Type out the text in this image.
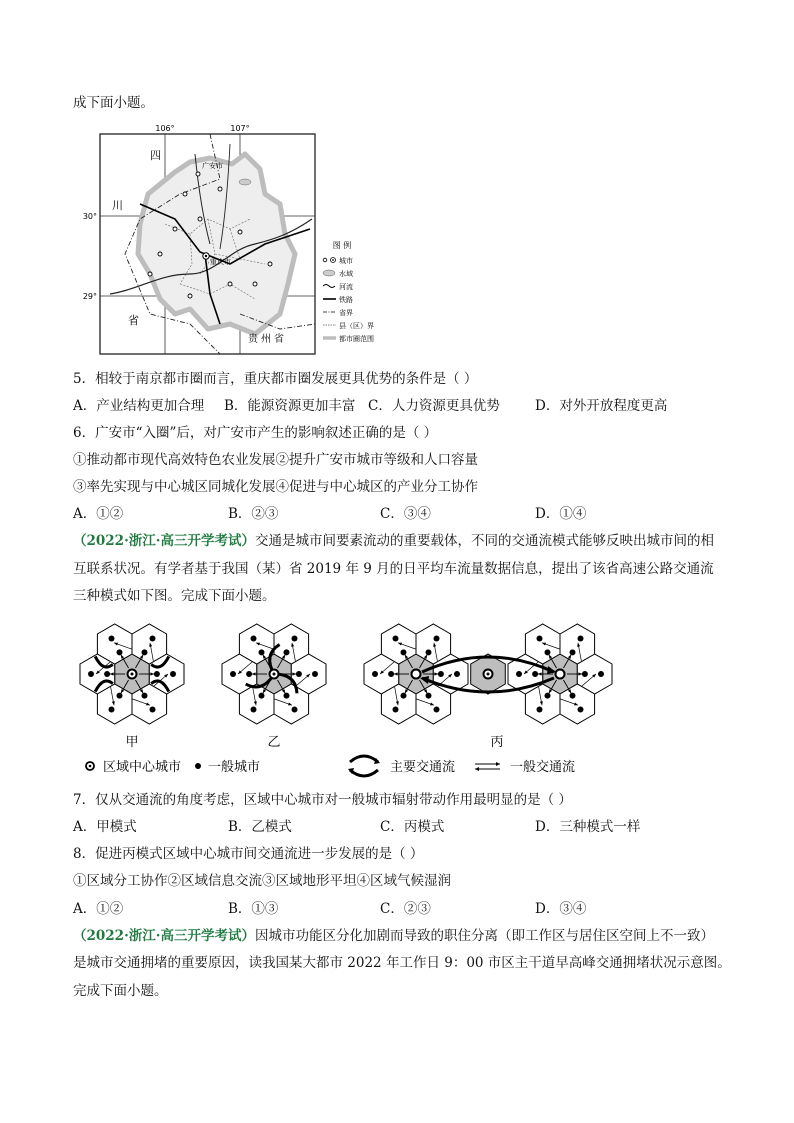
成下面小题。
106°	107°
30°
29°
四
川
省
贵州省
广安市
重庆市
图 例
城市
水域
河流
铁路
省界
县（区）界
都市圈范围
5．相较于南京都市圈而言，重庆都市圈发展更具优势的条件是（ ）
A．产业结构更加合理 B．能源资源更加丰富 C．人力资源更具优势	D．对外开放程度更高
6．广安市“入圈”后，对广安市产生的影响叙述正确的是（ ）
①推动都市现代高效特色农业发展②提升广安市城市等级和人口容量
③率先实现与中心城区同城化发展④促进与中心城区的产业分工协作
A．①②	B．②③	C．③④	D．①④
（2022·浙江·高三开学考试）交通是城市间要素流动的重要载体，不同的交通流模式能够反映出城市间的相
互联系状况。有学者基于我国（某）省 2019 年 9 月的日平均车流量数据信息，提出了该省高速公路交通流
三种模式如下图。完成下面小题。
甲	乙	丙
区域中心城市 一般城市	主要交通流	一般交通流
7．仅从交通流的角度考虑，区域中心城市对一般城市辐射带动作用最明显的是（ ）
A．甲模式	B．乙模式	C．丙模式	D．三种模式一样
8．促进丙模式区域中心城市间交通流进一步发展的是（ ）
①区域分工协作②区域信息交流③区域地形平坦④区域气候湿润
A．①②	B．①③	C．②③	D．③④
（2022·浙江·高三开学考试）因城市功能区分化加剧而导致的职住分离（即工作区与居住区空间上不一致）
是城市交通拥堵的重要原因，读我国某大都市 2022 年工作日 9：00 市区主干道早高峰交通拥堵状况示意图。
完成下面小题。
